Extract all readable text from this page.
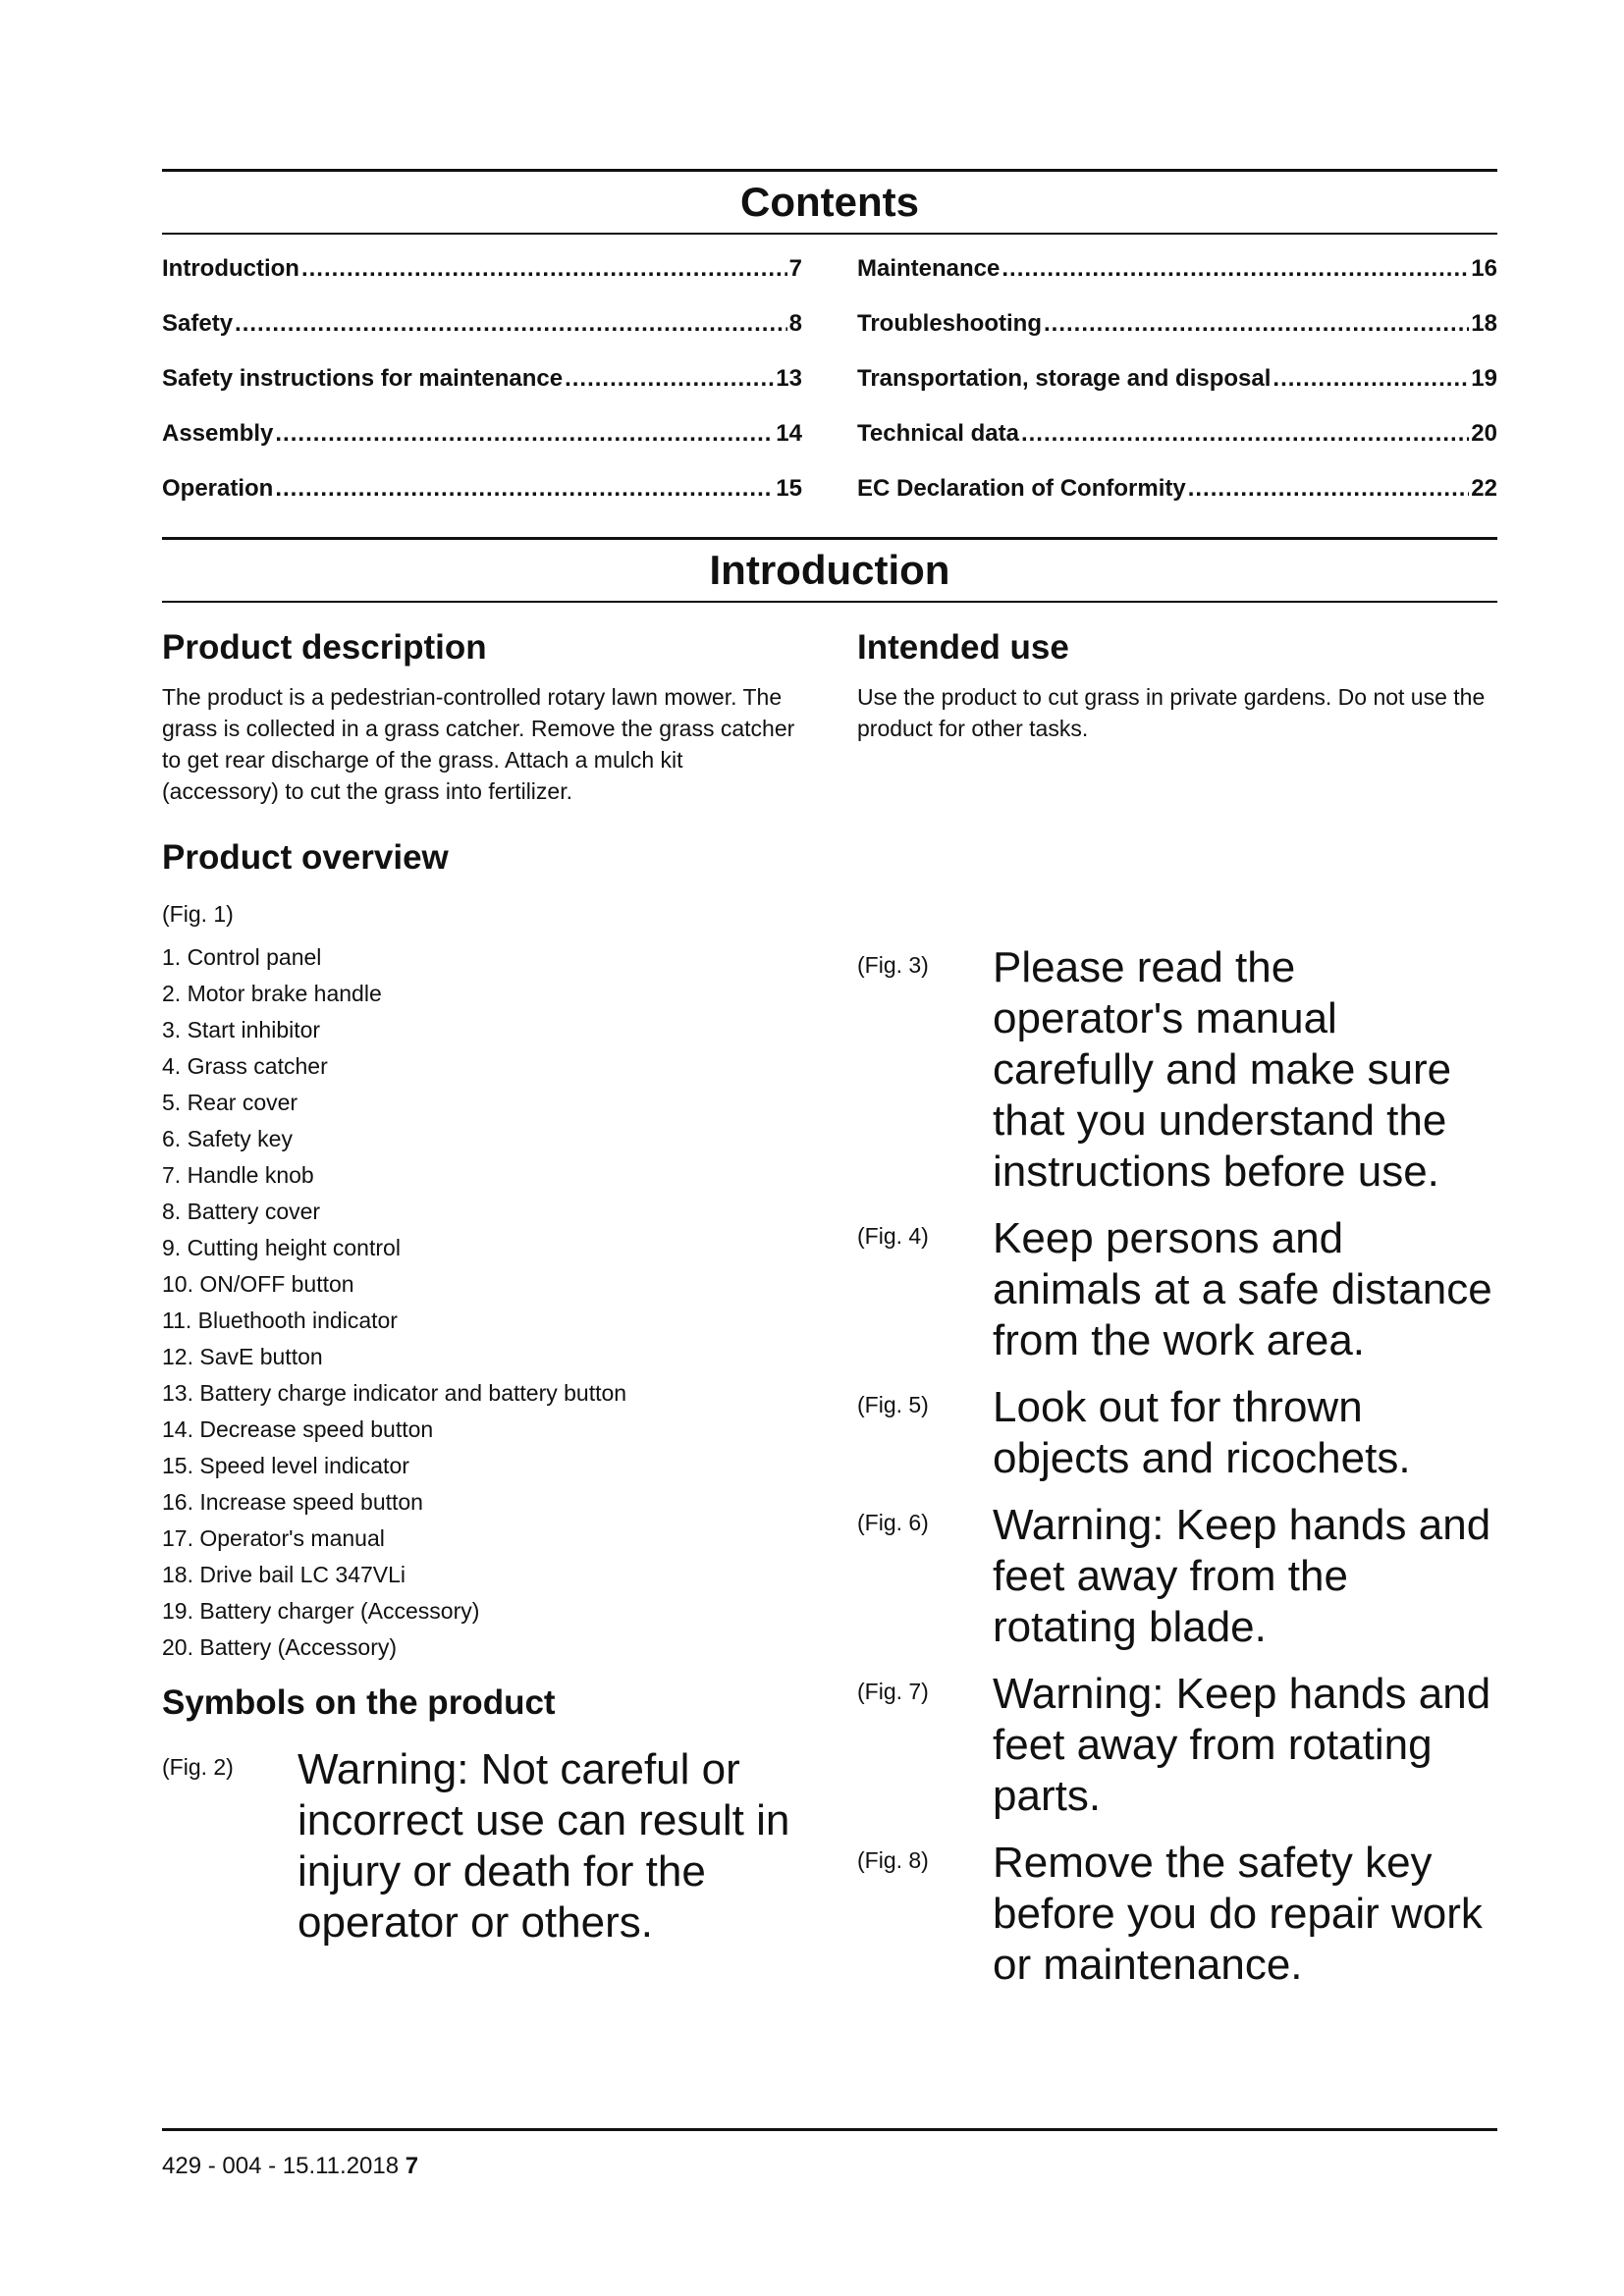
Contents
Introduction .....	7
Safety .....	8
Safety instructions for maintenance .....	13
Assembly .....	14
Operation .....	15
Maintenance .....	16
Troubleshooting .....	18
Transportation, storage and disposal .....	19
Technical data .....	20
EC Declaration of Conformity .....	22
Introduction
Product description

The product is a pedestrian-controlled rotary lawn mower. The grass is collected in a grass catcher. Remove the grass catcher to get rear discharge of the grass. Attach a mulch kit (accessory) to cut the grass into fertilizer.

Product overview
(Fig. 1)
1. Control panel
2. Motor brake handle
3. Start inhibitor
4. Grass catcher
5. Rear cover
6. Safety key
7. Handle knob
8. Battery cover
9. Cutting height control
10. ON/OFF button
11. Bluethooth indicator
12. SavE button
13. Battery charge indicator and battery button
14. Decrease speed button
15. Speed level indicator
16. Increase speed button
17. Operator's manual
18. Drive bail LC 347VLi
19. Battery charger (Accessory)
20. Battery (Accessory)
Symbols on the product
(Fig. 2)	Warning: Not careful or incorrect use can result in injury or death for the operator or others.
Intended use

Use the product to cut grass in private gardens. Do not use the product for other tasks.

(Fig. 3)	Please read the operator's manual carefully and make sure that you understand the instructions before use.
(Fig. 4)	Keep persons and animals at a safe distance from the work area.
(Fig. 5)	Look out for thrown objects and ricochets.
(Fig. 6)	Warning: Keep hands and feet away from the rotating blade.
(Fig. 7)	Warning: Keep hands and feet away from rotating parts.
(Fig. 8)	Remove the safety key before you do repair work or maintenance.
429 - 004 - 15.11.2018 7
